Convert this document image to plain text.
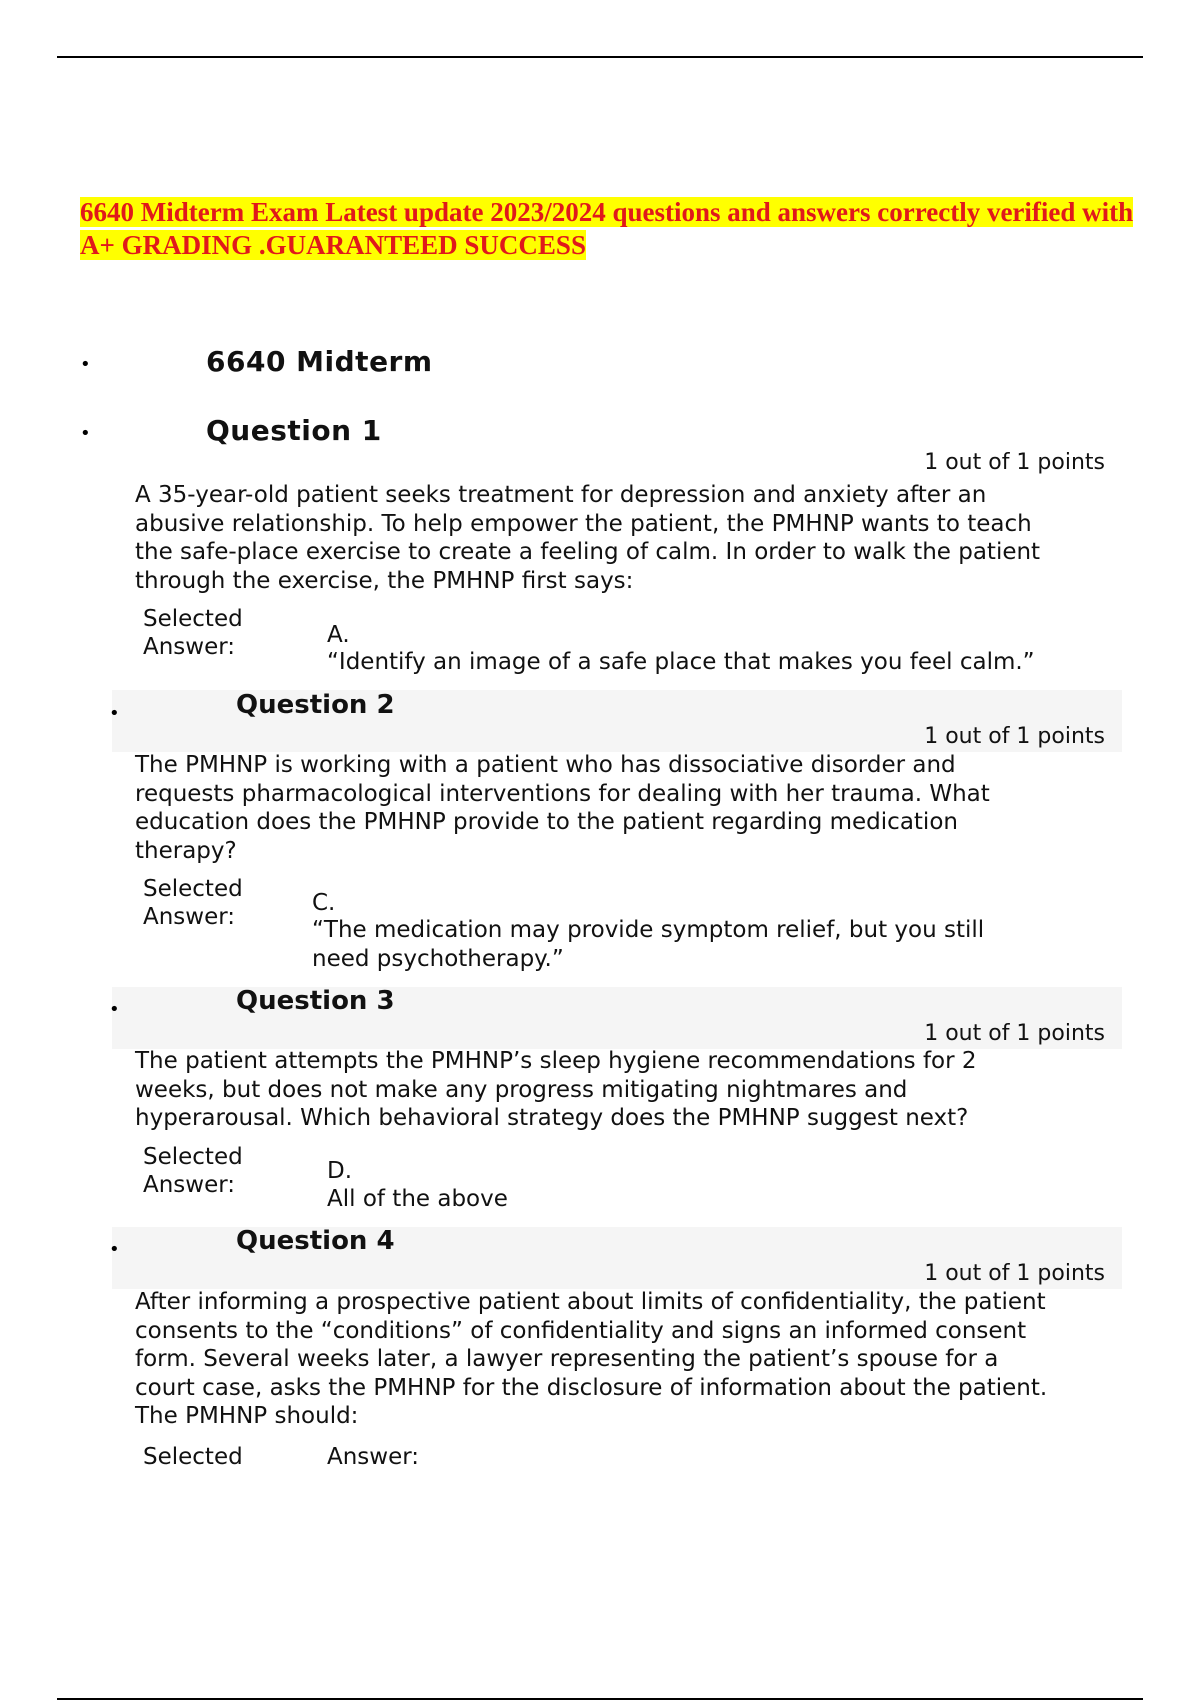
6640 Midterm Exam Latest update 2023/2024 questions and answers correctly verified with A+ GRADING .GUARANTEED SUCCESS
•	6640 Midterm
•	Question 1
1 out of 1 points
A 35-year-old patient seeks treatment for depression and anxiety after an abusive relationship. To help empower the patient, the PMHNP wants to teach the safe-place exercise to create a feeling of calm. In order to walk the patient through the exercise, the PMHNP first says:
Selected Answer:	A.
“Identify an image of a safe place that makes you feel calm.”
•	Question 2
1 out of 1 points
The PMHNP is working with a patient who has dissociative disorder and requests pharmacological interventions for dealing with her trauma. What education does the PMHNP provide to the patient regarding medication therapy?
Selected Answer:
C.
“The medication may provide symptom relief, but you still need psychotherapy.”
•	Question 3
1 out of 1 points
The patient attempts the PMHNP’s sleep hygiene recommendations for 2 weeks, but does not make any progress mitigating nightmares and hyperarousal. Which behavioral strategy does the PMHNP suggest next?
Selected Answer:
D.
All of the above
•	Question 4
1 out of 1 points
After informing a prospective patient about limits of confidentiality, the patient consents to the “conditions” of confidentiality and signs an informed consent form. Several weeks later, a lawyer representing the patient’s spouse for a court case, asks the PMHNP for the disclosure of information about the patient. The PMHNP should:
Selected	Answer:
